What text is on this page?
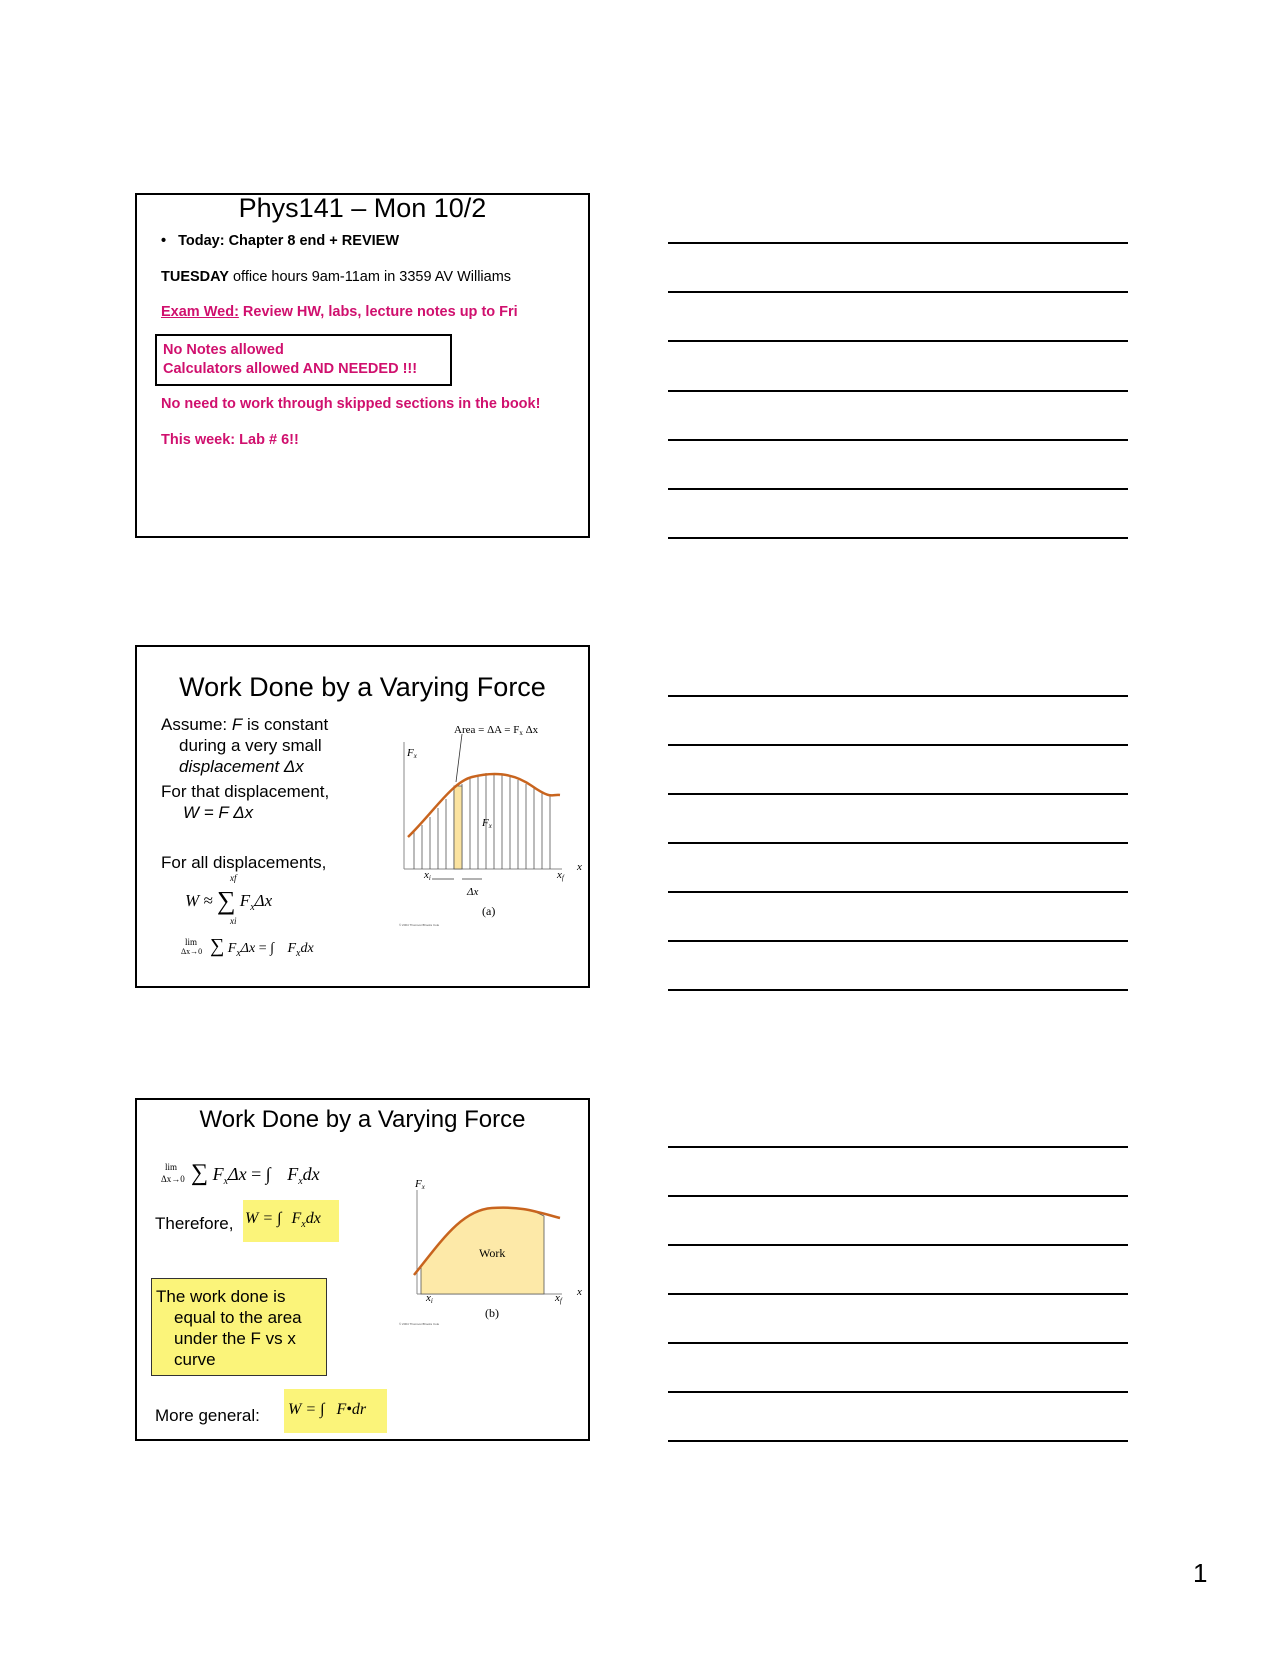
Phys141 – Mon 10/2
• Today: Chapter 8 end + REVIEW
TUESDAY office hours 9am-11am in 3359 AV Williams
Exam Wed: Review HW, labs, lecture notes up to Fri
No Notes allowed
Calculators allowed AND NEEDED !!!
No need to work through skipped sections in the book!
This week: Lab # 6!!
Work Done by a Varying Force
Assume: F is constant
during a very small
displacement Δx
For that displacement,
W = F Δx
For all displacements,
W ≈ ∑ $F_x\Delta x$
xf
xi
lim
Δx→0 ∑ $F_x\Delta x$ = ∫ $F_xdx$
Area = ΔA = Fx Δx
Fx
Fx
x
xi	xf
Δx
(a)
© 2004 Thomson/Brooks Cole
Work Done by a Varying Force
lim
Δx→0 ∑ $F_x\Delta x$ = ∫ $F_xdx$
Therefore, W = ∫ $F_xdx$
The work done is
equal to the area
under the F vs x
curve
More general: W = ∫ F•dr
Fx
Work
x
xi	xf
(b)
© 2004 Thomson/Brooks Cole
1
